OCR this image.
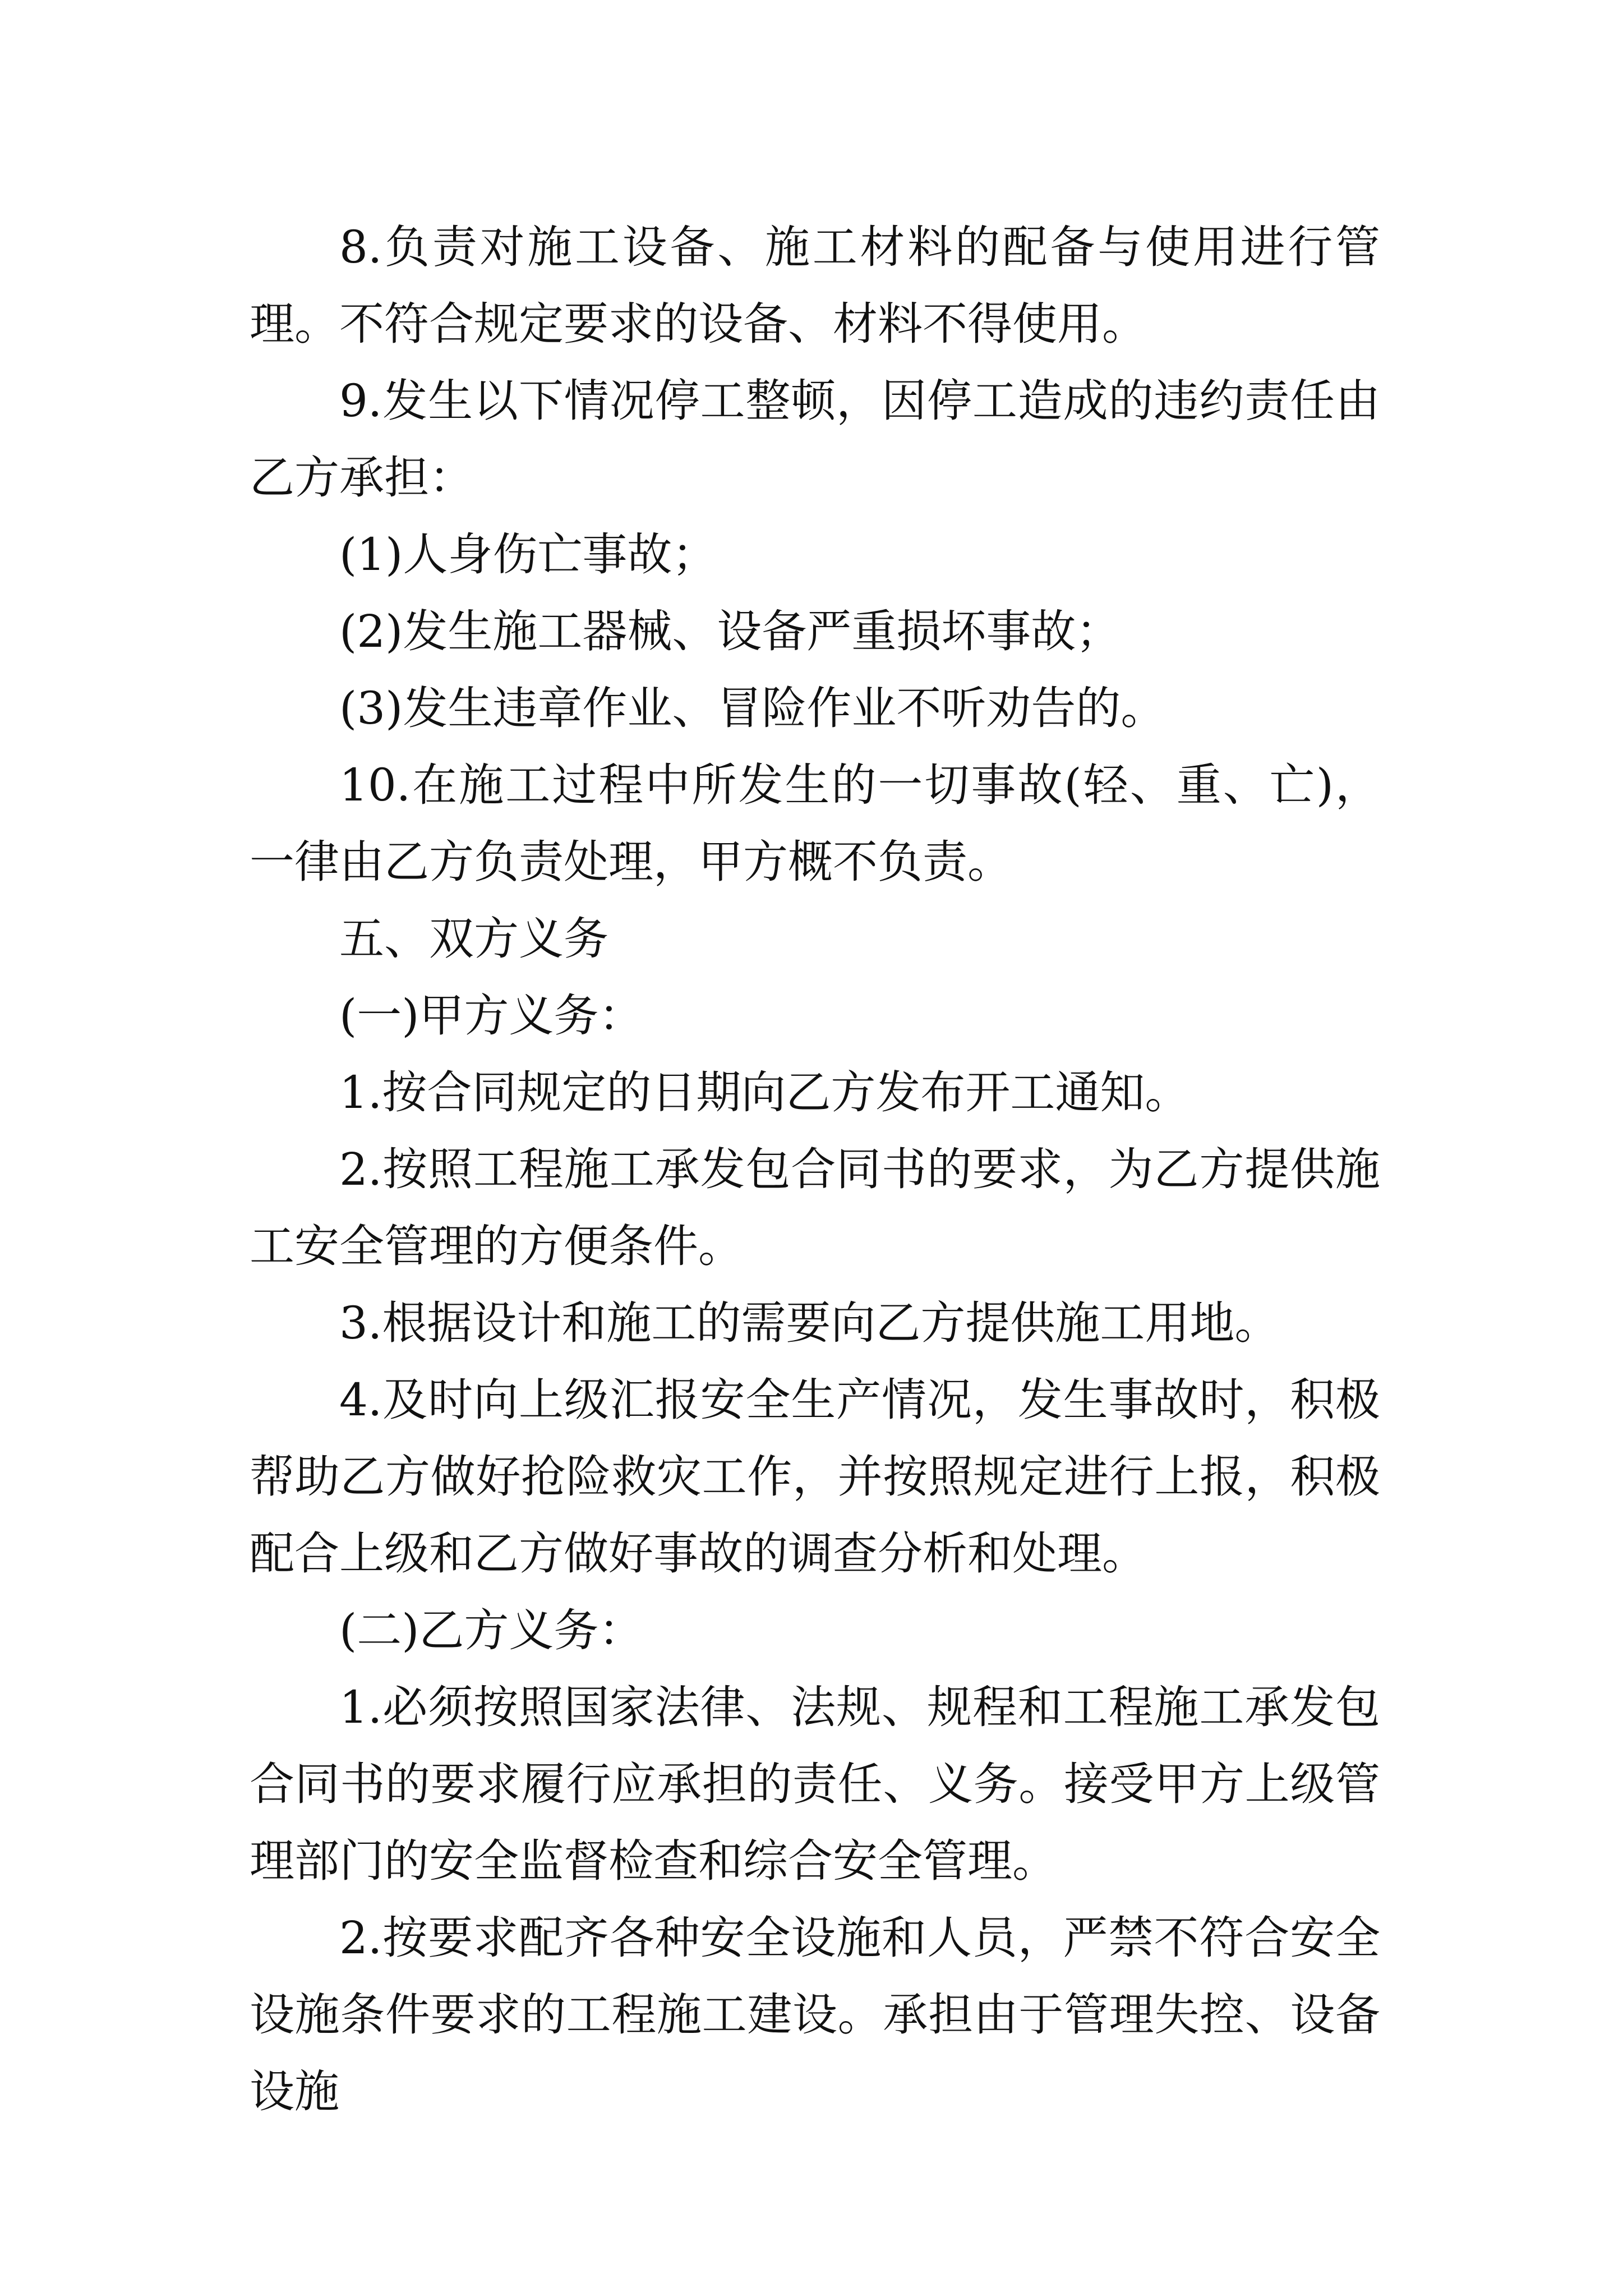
8.负责对施工设备、施工材料的配备与使用进行管理。不符合规定要求的设备、材料不得使用。

9.发生以下情况停工整顿，因停工造成的违约责任由乙方承担：

(1)人身伤亡事故；

(2)发生施工器械、设备严重损坏事故；

(3)发生违章作业、冒险作业不听劝告的。

10.在施工过程中所发生的一切事故(轻、重、亡)，一律由乙方负责处理，甲方概不负责。

五、双方义务

(一)甲方义务：

1.按合同规定的日期向乙方发布开工通知。

2.按照工程施工承发包合同书的要求，为乙方提供施工安全管理的方便条件。

3.根据设计和施工的需要向乙方提供施工用地。

4.及时向上级汇报安全生产情况，发生事故时，积极帮助乙方做好抢险救灾工作，并按照规定进行上报，积极配合上级和乙方做好事故的调查分析和处理。

(二)乙方义务：

1.必须按照国家法律、法规、规程和工程施工承发包合同书的要求履行应承担的责任、义务。接受甲方上级管理部门的安全监督检查和综合安全管理。

2.按要求配齐各种安全设施和人员，严禁不符合安全设施条件要求的工程施工建设。承担由于管理失控、设备设施
